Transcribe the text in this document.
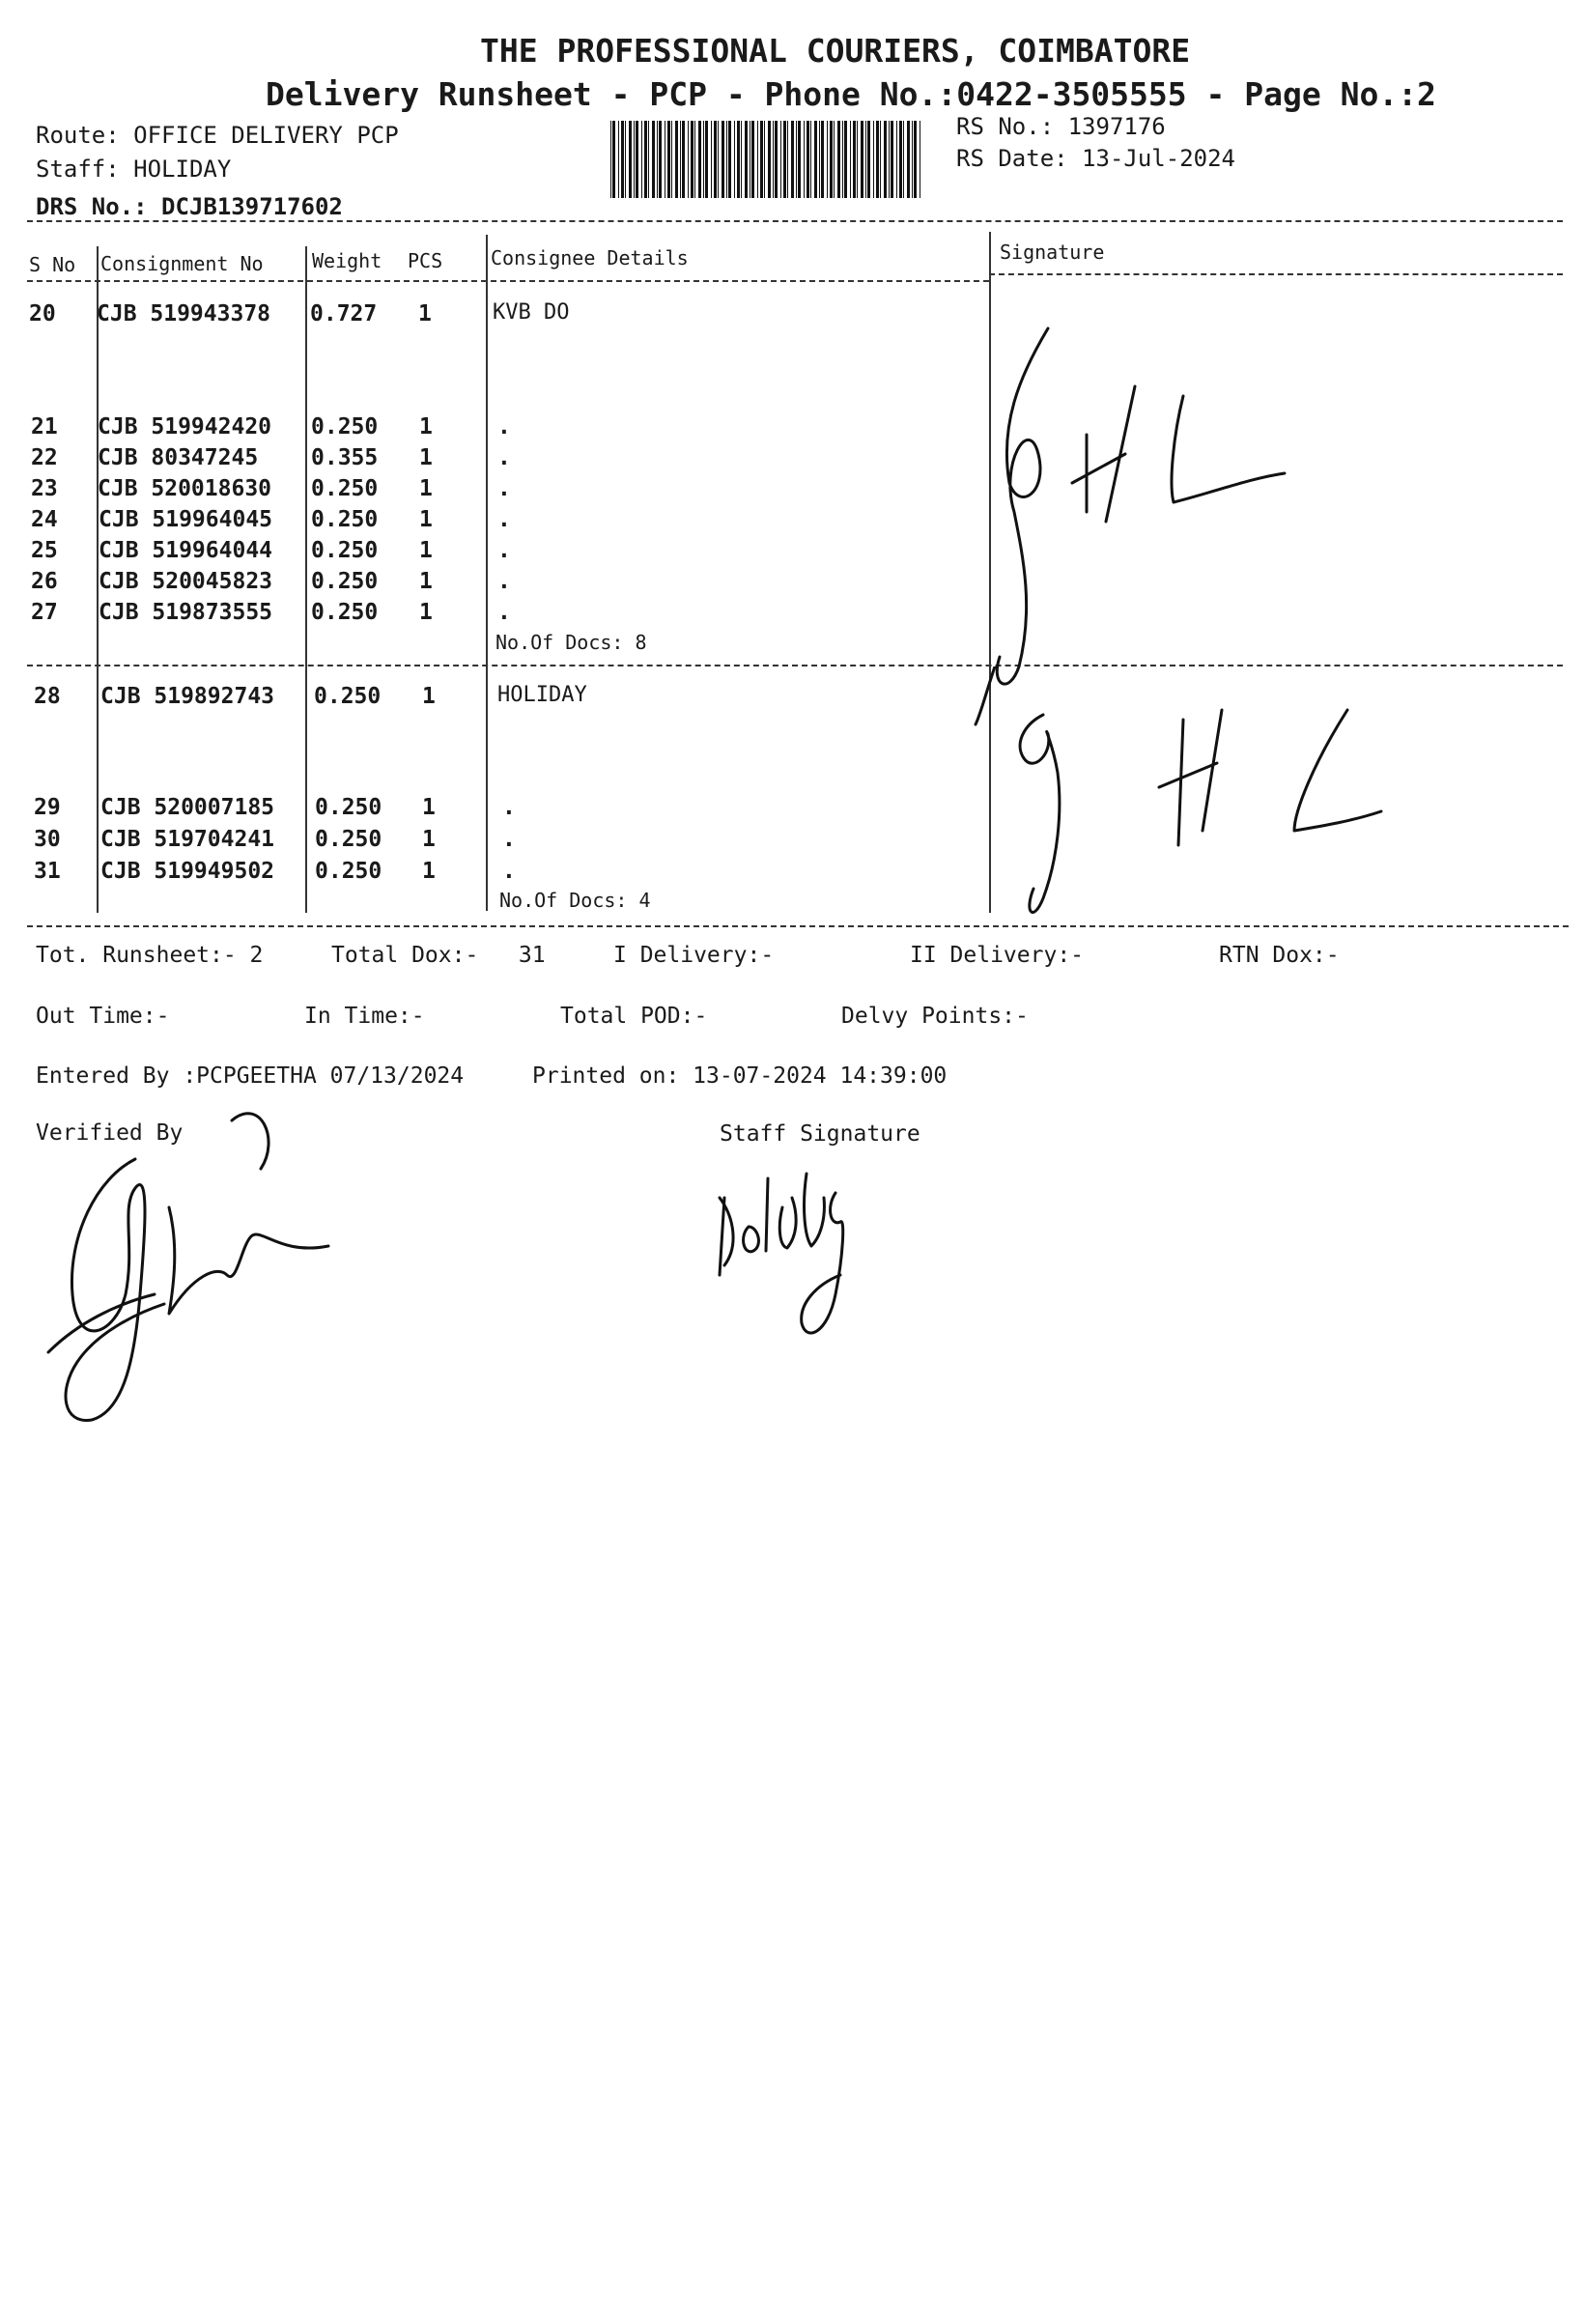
THE PROFESSIONAL COURIERS, COIMBATORE
Delivery Runsheet - PCP - Phone No.:0422-3505555 - Page No.:2
Route: OFFICE DELIVERY PCP
Staff: HOLIDAY
DRS No.: DCJB139717602
RS No.: 1397176
RS Date: 13-Jul-2024
S No Consignment No	Weight PCS Consignee Details	Signature
20 CJB 519943378 0.727 1	KVB DO
21 CJB 519942420 0.250 1	.
22 CJB 80347245 0.355 1	.
23 CJB 520018630 0.250 1	.
24 CJB 519964045 0.250 1	.
25 CJB 519964044 0.250 1	.
26 CJB 520045823 0.250 1	.
27 CJB 519873555 0.250 1	.
No.Of Docs: 8
28 CJB 519892743 0.250 1	HOLIDAY
29 CJB 520007185 0.250 1	.
30 CJB 519704241 0.250 1	.
31 CJB 519949502 0.250 1	.
No.Of Docs: 4
Tot. Runsheet:- 2	Total Dox:-   31	I Delivery:-	II Delivery:-	RTN Dox:-
Out Time:-	In Time:-	Total POD:-	Delvy Points:-
Entered By :PCPGEETHA 07/13/2024	Printed on: 13-07-2024 14:39:00
Verified By	Staff Signature
